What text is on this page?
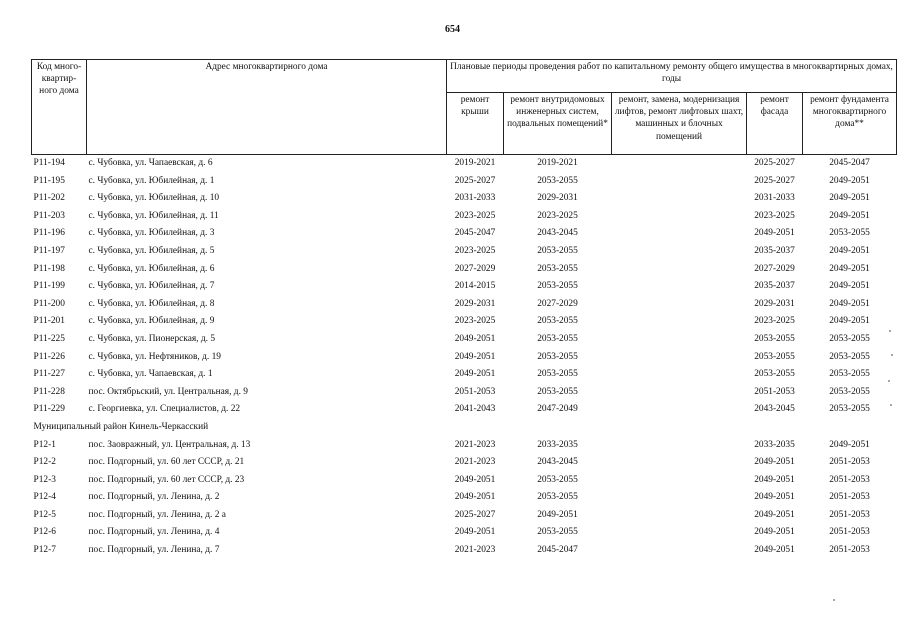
654
Код много-квартир-ного дома	Адрес многоквартирного дома	Плановые периоды проведения работ по капитальному ремонту общего имущества в многоквартирных домах, годы				
		ремонт крыши	ремонт внутридомовых инженерных систем, подвальных помещений*	ремонт, замена, модернизация лифтов, ремонт лифтовых шахт, машинных и блочных помещений	ремонт фасада	ремонт фундамента многоквартирного дома**
P11-194	с. Чубовка, ул. Чапаевская, д. 6	2019-2021	2019-2021		2025-2027	2045-2047
P11-195	с. Чубовка, ул. Юбилейная, д. 1	2025-2027	2053-2055		2025-2027	2049-2051
P11-202	с. Чубовка, ул. Юбилейная, д. 10	2031-2033	2029-2031		2031-2033	2049-2051
P11-203	с. Чубовка, ул. Юбилейная, д. 11	2023-2025	2023-2025		2023-2025	2049-2051
P11-196	с. Чубовка, ул. Юбилейная, д. 3	2045-2047	2043-2045		2049-2051	2053-2055
P11-197	с. Чубовка, ул. Юбилейная, д. 5	2023-2025	2053-2055		2035-2037	2049-2051
P11-198	с. Чубовка, ул. Юбилейная, д. 6	2027-2029	2053-2055		2027-2029	2049-2051
P11-199	с. Чубовка, ул. Юбилейная, д. 7	2014-2015	2053-2055		2035-2037	2049-2051
P11-200	с. Чубовка, ул. Юбилейная, д. 8	2029-2031	2027-2029		2029-2031	2049-2051
P11-201	с. Чубовка, ул. Юбилейная, д. 9	2023-2025	2053-2055		2023-2025	2049-2051
P11-225	с. Чубовка, ул. Пионерская, д. 5	2049-2051	2053-2055		2053-2055	2053-2055
P11-226	с. Чубовка, ул. Нефтяников, д. 19	2049-2051	2053-2055		2053-2055	2053-2055
P11-227	с. Чубовка, ул. Чапаевская, д. 1	2049-2051	2053-2055		2053-2055	2053-2055
P11-228	пос. Октябрьский, ул. Центральная, д. 9	2051-2053	2053-2055		2051-2053	2053-2055
P11-229	с. Георгиевка, ул. Специалистов, д. 22	2041-2043	2047-2049		2043-2045	2053-2055
Муниципальный район Кинель-Черкасский						
P12-1	пос. Заовражный, ул. Центральная, д. 13	2021-2023	2033-2035		2033-2035	2049-2051
P12-2	пос. Подгорный, ул. 60 лет СССР, д. 21	2021-2023	2043-2045		2049-2051	2051-2053
P12-3	пос. Подгорный, ул. 60 лет СССР, д. 23	2049-2051	2053-2055		2049-2051	2051-2053
P12-4	пос. Подгорный, ул. Ленина, д. 2	2049-2051	2053-2055		2049-2051	2051-2053
P12-5	пос. Подгорный, ул. Ленина, д. 2 а	2025-2027	2049-2051		2049-2051	2051-2053
P12-6	пос. Подгорный, ул. Ленина, д. 4	2049-2051	2053-2055		2049-2051	2051-2053
P12-7	пос. Подгорный, ул. Ленина, д. 7	2021-2023	2045-2047		2049-2051	2051-2053
